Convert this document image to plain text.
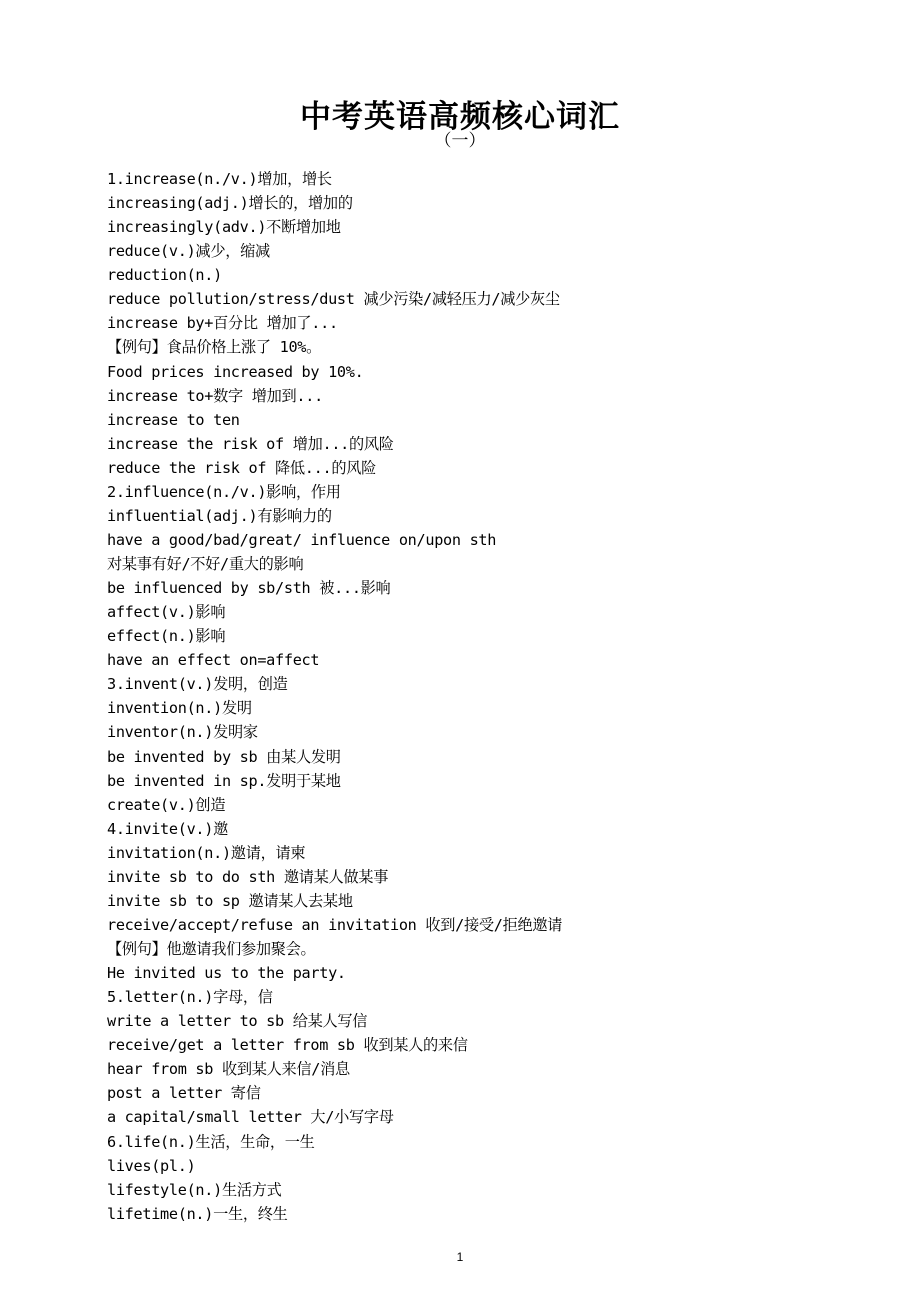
中考英语高频核心词汇
（一）
1.increase(n./v.)增加，增长
increasing(adj.)增长的，增加的
increasingly(adv.)不断增加地
reduce(v.)减少，缩减
reduction(n.)
reduce pollution/stress/dust 减少污染/减轻压力/减少灰尘
increase by+百分比 增加了...
【例句】食品价格上涨了 10%。
Food prices increased by 10%.
increase to+数字 增加到...
increase to ten
increase the risk of 增加...的风险
reduce the risk of 降低...的风险
2.influence(n./v.)影响，作用
influential(adj.)有影响力的
have a good/bad/great/ influence on/upon sth
对某事有好/不好/重大的影响
be influenced by sb/sth 被...影响
affect(v.)影响
effect(n.)影响
have an effect on=affect
3.invent(v.)发明，创造
invention(n.)发明
inventor(n.)发明家
be invented by sb 由某人发明
be invented in sp.发明于某地
create(v.)创造
4.invite(v.)邀
invitation(n.)邀请，请柬
invite sb to do sth 邀请某人做某事
invite sb to sp 邀请某人去某地
receive/accept/refuse an invitation 收到/接受/拒绝邀请
【例句】他邀请我们参加聚会。
He invited us to the party.
5.letter(n.)字母，信
write a letter to sb 给某人写信
receive/get a letter from sb 收到某人的来信
hear from sb 收到某人来信/消息
post a letter 寄信
a capital/small letter 大/小写字母
6.life(n.)生活，生命，一生
lives(pl.)
lifestyle(n.)生活方式
lifetime(n.)一生，终生
1
